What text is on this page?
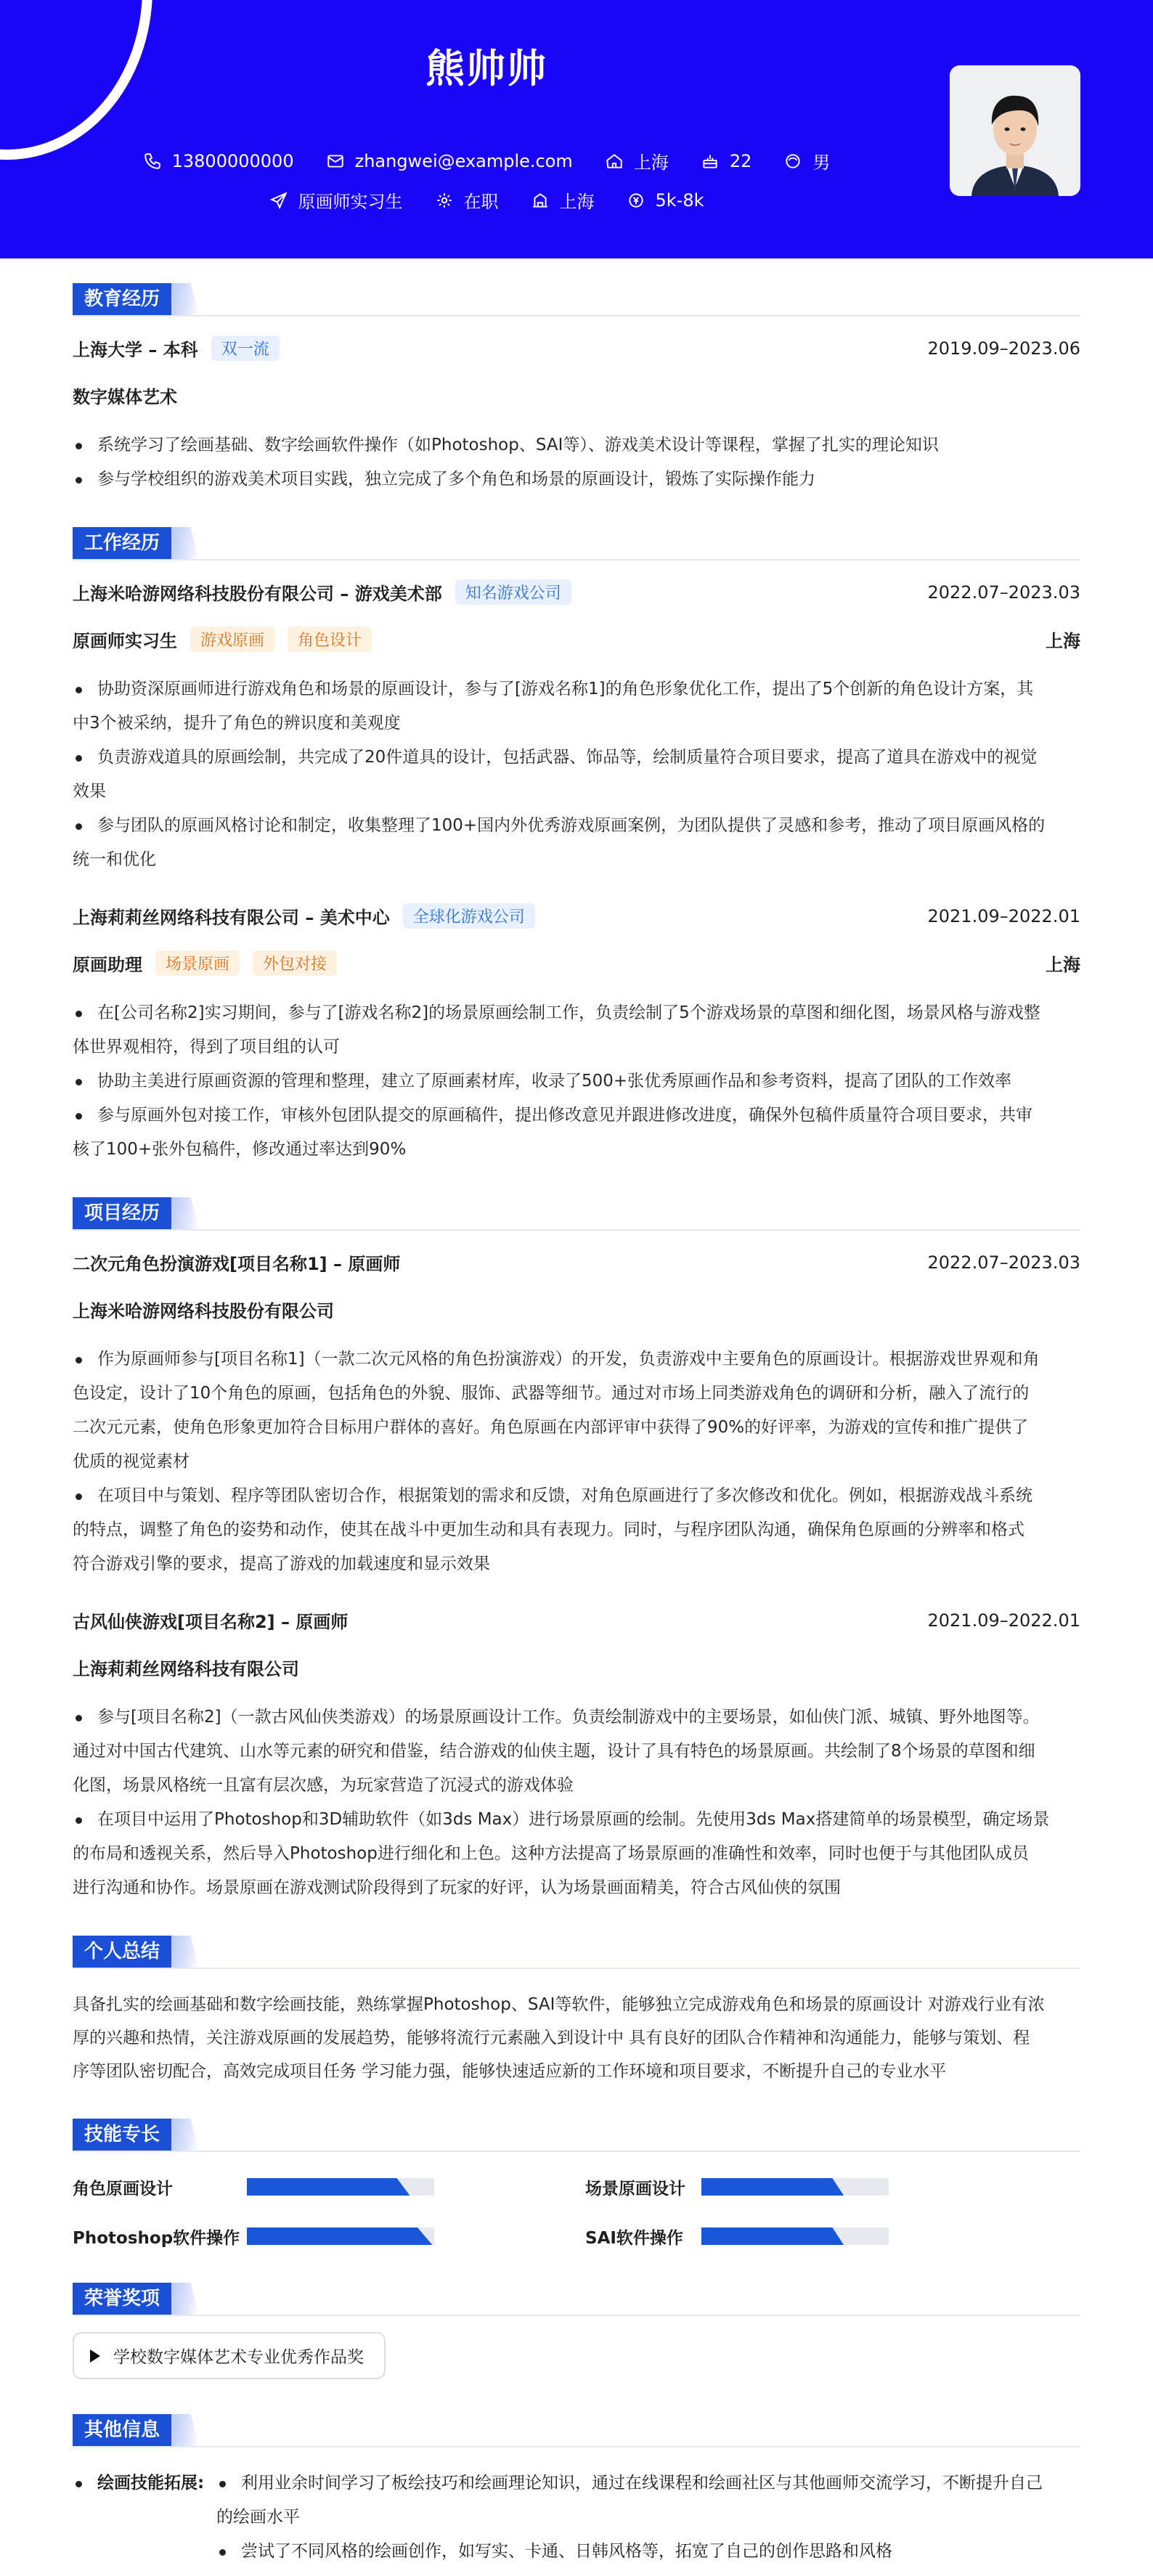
熊帅帅
13800000000	zhangwei@example.com	上海	22	男
原画师实习生	在职	上海	5k-8k
教育经历
上海大学 – 本科	双一流	2019.09–2023.06
数字媒体艺术
系统学习了绘画基础、数字绘画软件操作（如Photoshop、SAI等）、游戏美术设计等课程，掌握了扎实的理论知识
参与学校组织的游戏美术项目实践，独立完成了多个角色和场景的原画设计，锻炼了实际操作能力
工作经历
上海米哈游网络科技股份有限公司 – 游戏美术部	知名游戏公司	2022.07–2023.03
原画师实习生	游戏原画	角色设计	上海
协助资深原画师进行游戏角色和场景的原画设计，参与了[游戏名称1]的角色形象优化工作，提出了5个创新的角色设计方案，其
中3个被采纳，提升了角色的辨识度和美观度
负责游戏道具的原画绘制，共完成了20件道具的设计，包括武器、饰品等，绘制质量符合项目要求，提高了道具在游戏中的视觉
效果
参与团队的原画风格讨论和制定，收集整理了100+国内外优秀游戏原画案例，为团队提供了灵感和参考，推动了项目原画风格的
统一和优化
上海莉莉丝网络科技有限公司 – 美术中心	全球化游戏公司	2021.09–2022.01
原画助理	场景原画	外包对接	上海
在[公司名称2]实习期间，参与了[游戏名称2]的场景原画绘制工作，负责绘制了5个游戏场景的草图和细化图，场景风格与游戏整
体世界观相符，得到了项目组的认可
协助主美进行原画资源的管理和整理，建立了原画素材库，收录了500+张优秀原画作品和参考资料，提高了团队的工作效率
参与原画外包对接工作，审核外包团队提交的原画稿件，提出修改意见并跟进修改进度，确保外包稿件质量符合项目要求，共审
核了100+张外包稿件，修改通过率达到90%
项目经历
二次元角色扮演游戏[项目名称1] – 原画师	2022.07–2023.03
上海米哈游网络科技股份有限公司
作为原画师参与[项目名称1]（一款二次元风格的角色扮演游戏）的开发，负责游戏中主要角色的原画设计。根据游戏世界观和角
色设定，设计了10个角色的原画，包括角色的外貌、服饰、武器等细节。通过对市场上同类游戏角色的调研和分析，融入了流行的
二次元元素，使角色形象更加符合目标用户群体的喜好。角色原画在内部评审中获得了90%的好评率，为游戏的宣传和推广提供了
优质的视觉素材
在项目中与策划、程序等团队密切合作，根据策划的需求和反馈，对角色原画进行了多次修改和优化。例如，根据游戏战斗系统
的特点，调整了角色的姿势和动作，使其在战斗中更加生动和具有表现力。同时，与程序团队沟通，确保角色原画的分辨率和格式
符合游戏引擎的要求，提高了游戏的加载速度和显示效果
古风仙侠游戏[项目名称2] – 原画师	2021.09–2022.01
上海莉莉丝网络科技有限公司
参与[项目名称2]（一款古风仙侠类游戏）的场景原画设计工作。负责绘制游戏中的主要场景，如仙侠门派、城镇、野外地图等。
通过对中国古代建筑、山水等元素的研究和借鉴，结合游戏的仙侠主题，设计了具有特色的场景原画。共绘制了8个场景的草图和细
化图，场景风格统一且富有层次感，为玩家营造了沉浸式的游戏体验
在项目中运用了Photoshop和3D辅助软件（如3ds Max）进行场景原画的绘制。先使用3ds Max搭建简单的场景模型，确定场景
的布局和透视关系，然后导入Photoshop进行细化和上色。这种方法提高了场景原画的准确性和效率，同时也便于与其他团队成员
进行沟通和协作。场景原画在游戏测试阶段得到了玩家的好评，认为场景画面精美，符合古风仙侠的氛围
个人总结
具备扎实的绘画基础和数字绘画技能，熟练掌握Photoshop、SAI等软件，能够独立完成游戏角色和场景的原画设计 对游戏行业有浓
厚的兴趣和热情，关注游戏原画的发展趋势，能够将流行元素融入到设计中 具有良好的团队合作精神和沟通能力，能够与策划、程
序等团队密切配合，高效完成项目任务 学习能力强，能够快速适应新的工作环境和项目要求，不断提升自己的专业水平
技能专长
角色原画设计	场景原画设计
Photoshop软件操作	SAI软件操作
荣誉奖项
学校数字媒体艺术专业优秀作品奖
其他信息
绘画技能拓展:	利用业余时间学习了板绘技巧和绘画理论知识，通过在线课程和绘画社区与其他画师交流学习，不断提升自己
的绘画水平
尝试了不同风格的绘画创作，如写实、卡通、日韩风格等，拓宽了自己的创作思路和风格
